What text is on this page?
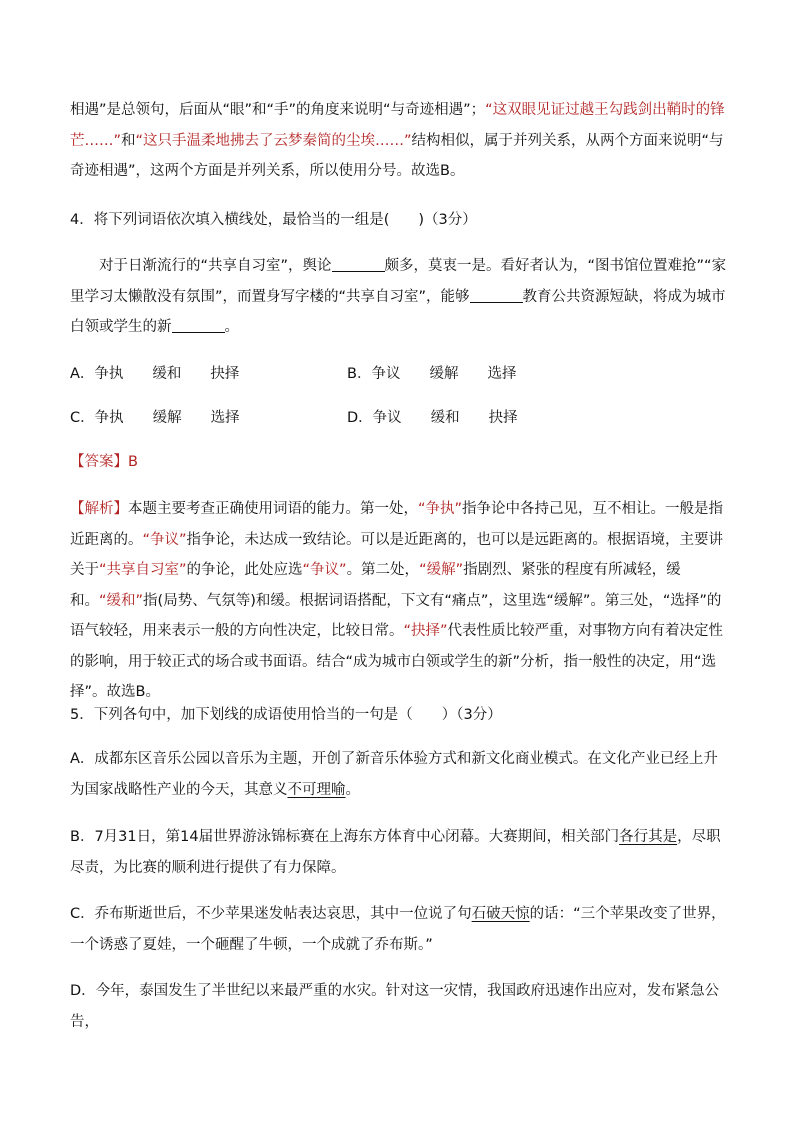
相遇”是总领句，后面从“眼”和“手”的角度来说明“与奇迹相遇”；“这双眼见证过越王勾践剑出鞘时的锋芒……”和“这只手温柔地拂去了云梦秦简的尘埃……”结构相似，属于并列关系，从两个方面来说明“与奇迹相遇”，这两个方面是并列关系，所以使用分号。故选B。

4．将下列词语依次填入横线处，最恰当的一组是(　　)（3分）

对于日渐流行的“共享自习室”，舆论	颇多，莫衷一是。看好者认为，“图书馆位置难抢”“家里学习太懒散没有氛围”，而置身写字楼的“共享自习室”，能够	教育公共资源短缺，将成为城市白领或学生的新	。

A．争执　　缓和　　抉择	B．争议　　缓解　　选择
C．争执　　缓解　　选择	D．争议　　缓和　　抉择
【答案】B

【解析】本题主要考查正确使用词语的能力。第一处，“争执”指争论中各持己见，互不相让。一般是指近距离的。“争议”指争论，未达成一致结论。可以是近距离的，也可以是远距离的。根据语境，主要讲关于“共享自习室”的争论，此处应选“争议”。第二处，“缓解”指剧烈、紧张的程度有所减轻，缓和。“缓和”指(局势、气氛等)和缓。根据词语搭配，下文有“痛点”，这里选“缓解”。第三处，“选择”的语气较轻，用来表示一般的方向性决定，比较日常。“抉择”代表性质比较严重，对事物方向有着决定性的影响，用于较正式的场合或书面语。结合“成为城市白领或学生的新”分析，指一般性的决定，用“选择”。故选B。

5．下列各句中，加下划线的成语使用恰当的一句是（　　）（3分）

A．成都东区音乐公园以音乐为主题，开创了新音乐体验方式和新文化商业模式。在文化产业已经上升为国家战略性产业的今天，其意义不可理喻。

B．7月31日，第14届世界游泳锦标赛在上海东方体育中心闭幕。大赛期间，相关部门各行其是，尽职尽责，为比赛的顺利进行提供了有力保障。

C．乔布斯逝世后，不少苹果迷发帖表达哀思，其中一位说了句石破天惊的话：“三个苹果改变了世界，一个诱惑了夏娃，一个砸醒了牛顿，一个成就了乔布斯。”

D．今年，泰国发生了半世纪以来最严重的水灾。针对这一灾情，我国政府迅速作出应对，发布紧急公告，
